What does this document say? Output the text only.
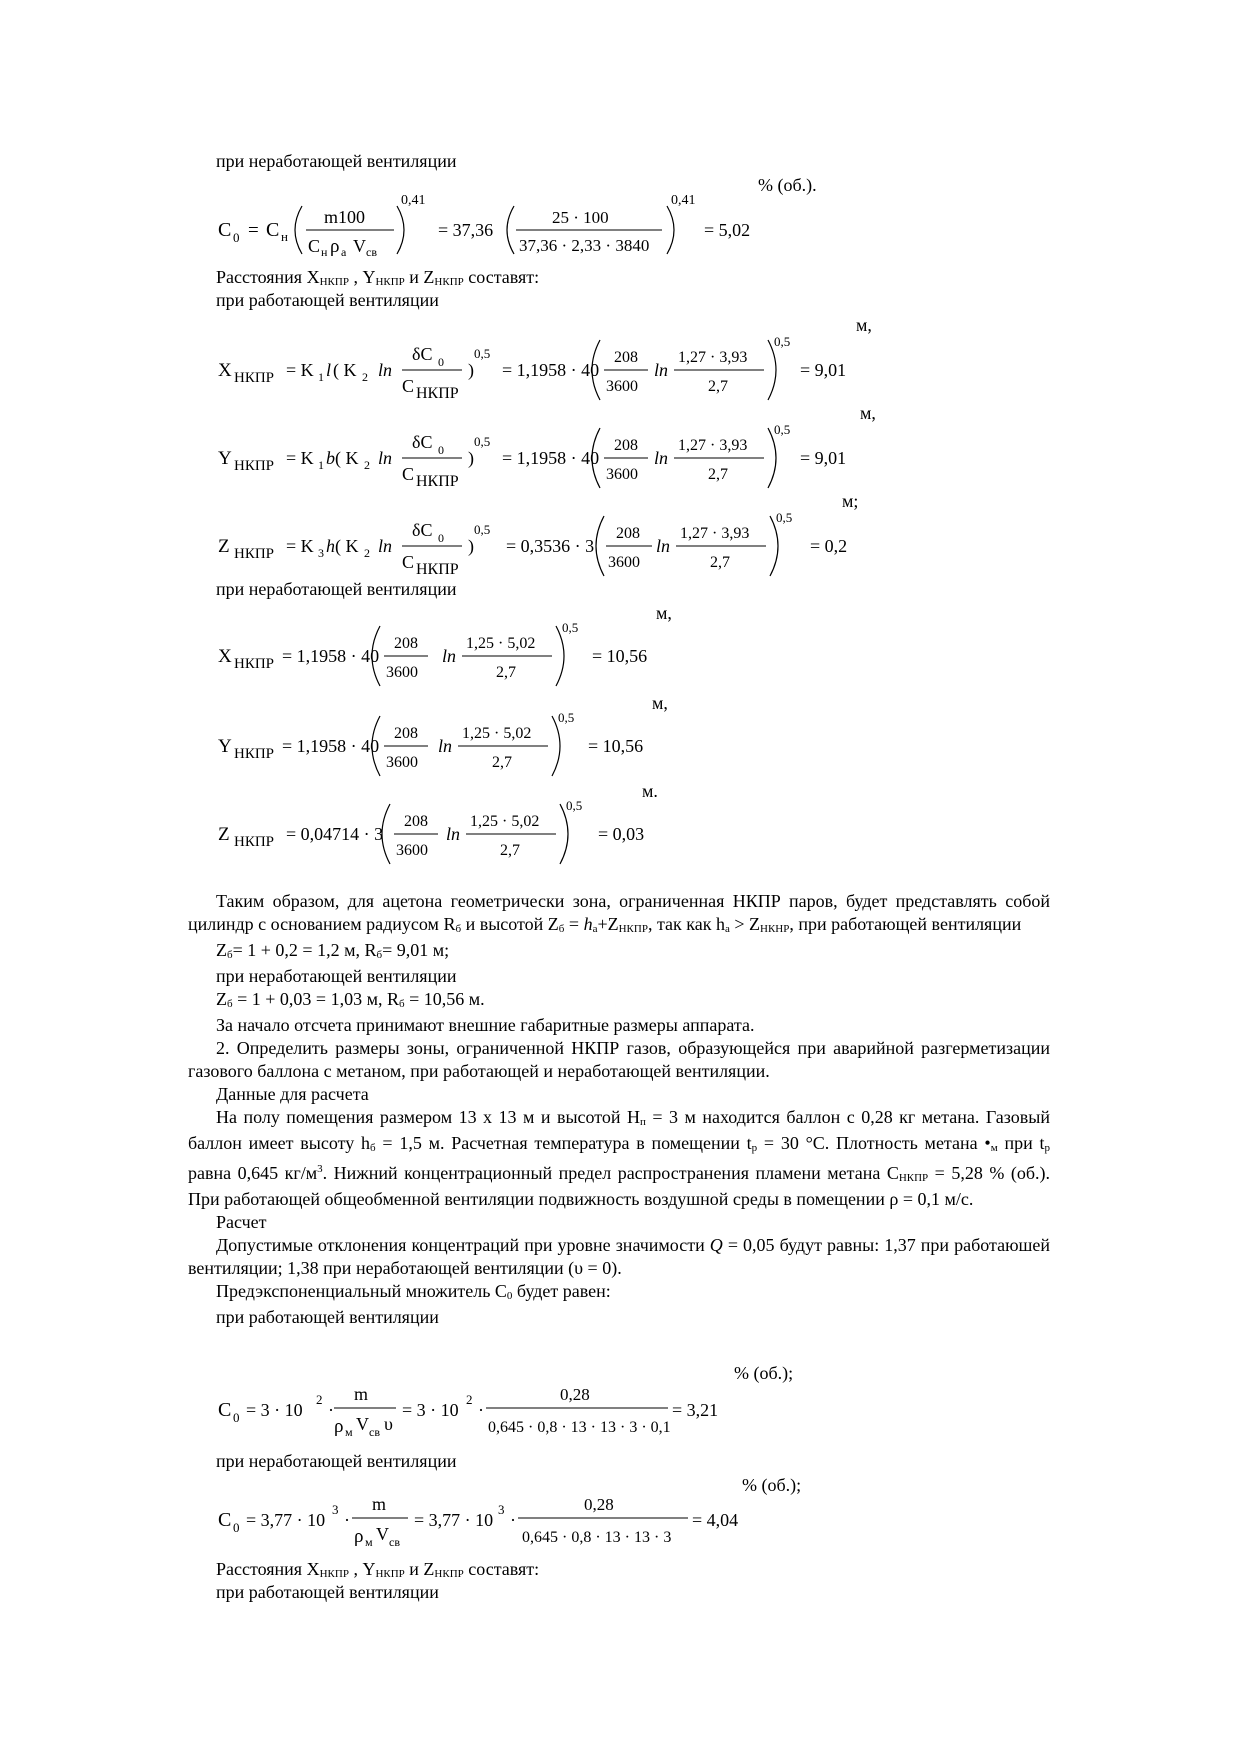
при неработающей вентиляции
% (об.).
C 0 = C н
m100
C н ρ а V св
0,41
= 37,36
25 · 100
37,36 · 2,33 · 3840
0,41
= 5,02
Расстояния $X_{НКПР}$ , $Y_{НКПР}$ и $Z_{НКПР}$ составят:
при работающей вентиляции
м,
м,
м;
X НКПР = K 1 l ( K 2 ln
δC 0
C НКПР
)
0,5
= 1,1958 · 40
208
3600
ln
1,27 · 3,93
2,7
0,5
= 9,01
Y НКПР = K 1 b ( K 2 ln
δC 0
C НКПР
)
0,5
= 1,1958 · 40
208
3600
ln
1,27 · 3,93
2,7
0,5
= 9,01
Z НКПР = K 3 h ( K 2 ln
δC 0
C НКПР
)
0,5
= 0,3536 · 3
208
3600
ln
1,27 · 3,93
2,7
0,5
= 0,2
при неработающей вентиляции
м,
м,
м.
X НКПР = 1,1958 · 40
208
3600
ln
1,25 · 5,02
2,7
0,5
= 10,56
Y НКПР = 1,1958 · 40
208
3600
ln
1,25 · 5,02
2,7
0,5
= 10,56
Z НКПР = 0,04714 · 3
208
3600
ln
1,25 · 5,02
2,7
0,5
= 0,03

Таким образом, для ацетона геометрически зона, ограниченная НКПР паров, будет представлять собой цилиндр с основанием радиусом $R_б$ и высотой $Z_б = h_а+Z_{НКПР}$, так как $h_а > Z_{НКНР}$, при работающей вентиляции

$Z_б= 1 + 0,2 = 1,2$ м, $R_б= 9,01$ м;

при неработающей вентиляции

$Z_б = 1 + 0,03 = 1,03$ м, $R_б = 10,56$ м.

За начало отсчета принимают внешние габаритные размеры аппарата.

2. Определить размеры зоны, ограниченной НКПР газов, образующейся при аварийной разгерметизации газового баллона с метаном, при работающей и неработающей вентиляции.

Данные для расчета

На полу помещения размером 13 х 13 м и высотой $Н_п = 3$ м находится баллон с 0,28 кг метана. Газовый баллон имеет высоту $h_б = 1,5$ м. Расчетная температура в помещении $t_р = 30$ °С. Плотность метана $•_м$ при $t_р$ равна 0,645 $кг/м^3$. Нижний концентрационный предел распространения пламени метана $С_{НКПР} = 5,28$ % (об.). При работающей общеобменной вентиляции подвижность воздушной среды в помещении ρ = 0,1 м/с.

Расчет

Допустимые отклонения концентраций при уровне значимости Q = 0,05 будут равны: 1,37 при работаюшей вентиляции; 1,38 при неработающей вентиляции (υ = 0).

Предэкспоненциальный множитель $С_0$ будет равен:

при работающей вентиляции

% (об.);
C 0 = 3 · 10
2
·
m
ρ м V св υ
= 3 · 10
2
·
0,28
0,645 · 0,8 · 13 · 13 · 3 · 0,1
= 3,21
при неработающей вентиляции
% (об.);
C 0 = 3,77 · 10
3
·
m
ρ м V св
= 3,77 · 10
3
·
0,28
0,645 · 0,8 · 13 · 13 · 3
= 4,04
Расстояния $X_{НКПР}$ , $Y_{НКПР}$ и $Z_{НКПР}$ составят:
при работающей вентиляции
